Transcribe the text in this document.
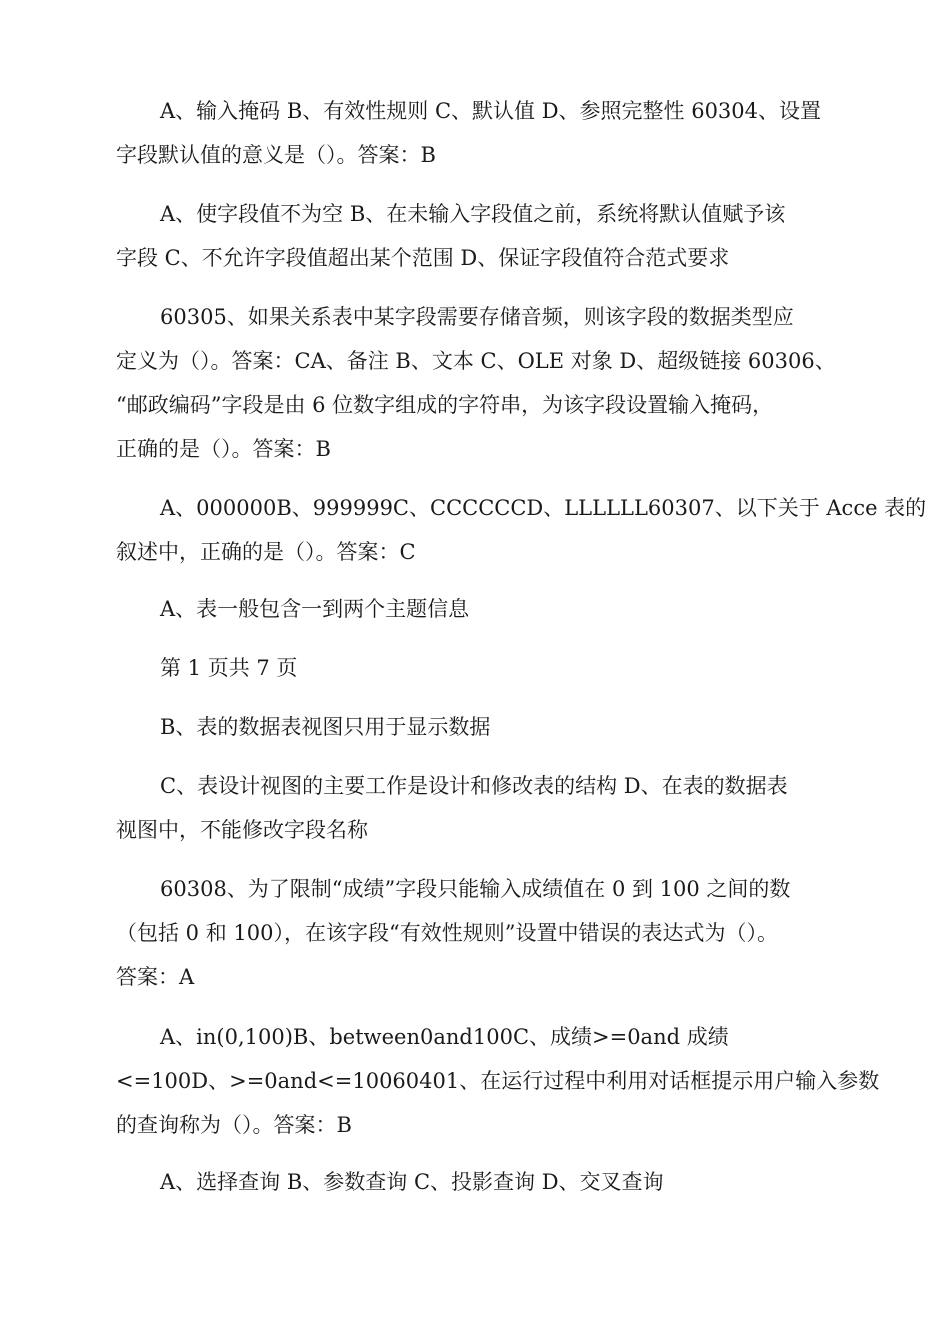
A、输入掩码 B、有效性规则 C、默认值 D、参照完整性 60304、设置
字段默认值的意义是（）。答案：B

A、使字段值不为空 B、在未输入字段值之前，系统将默认值赋予该
字段 C、不允许字段值超出某个范围 D、保证字段值符合范式要求

60305、如果关系表中某字段需要存储音频，则该字段的数据类型应
定义为（）。答案：CA、备注 B、文本 C、OLE 对象 D、超级链接 60306、
“邮政编码”字段是由 6 位数字组成的字符串，为该字段设置输入掩码，
正确的是（）。答案：B

A、000000B、999999C、CCCCCCD、LLLLLL60307、以下关于 Acce 表的
叙述中，正确的是（）。答案：C

A、表一般包含一到两个主题信息

第 1 页共 7 页

B、表的数据表视图只用于显示数据

C、表设计视图的主要工作是设计和修改表的结构 D、在表的数据表
视图中，不能修改字段名称

60308、为了限制“成绩”字段只能输入成绩值在 0 到 100 之间的数
（包括 0 和 100），在该字段“有效性规则”设置中错误的表达式为（）。
答案：A

A、in(0,100)B、between0and100C、成绩>=0and 成绩
<=100D、>=0and<=10060401、在运行过程中利用对话框提示用户输入参数
的查询称为（）。答案：B

A、选择查询 B、参数查询 C、投影查询 D、交叉查询
